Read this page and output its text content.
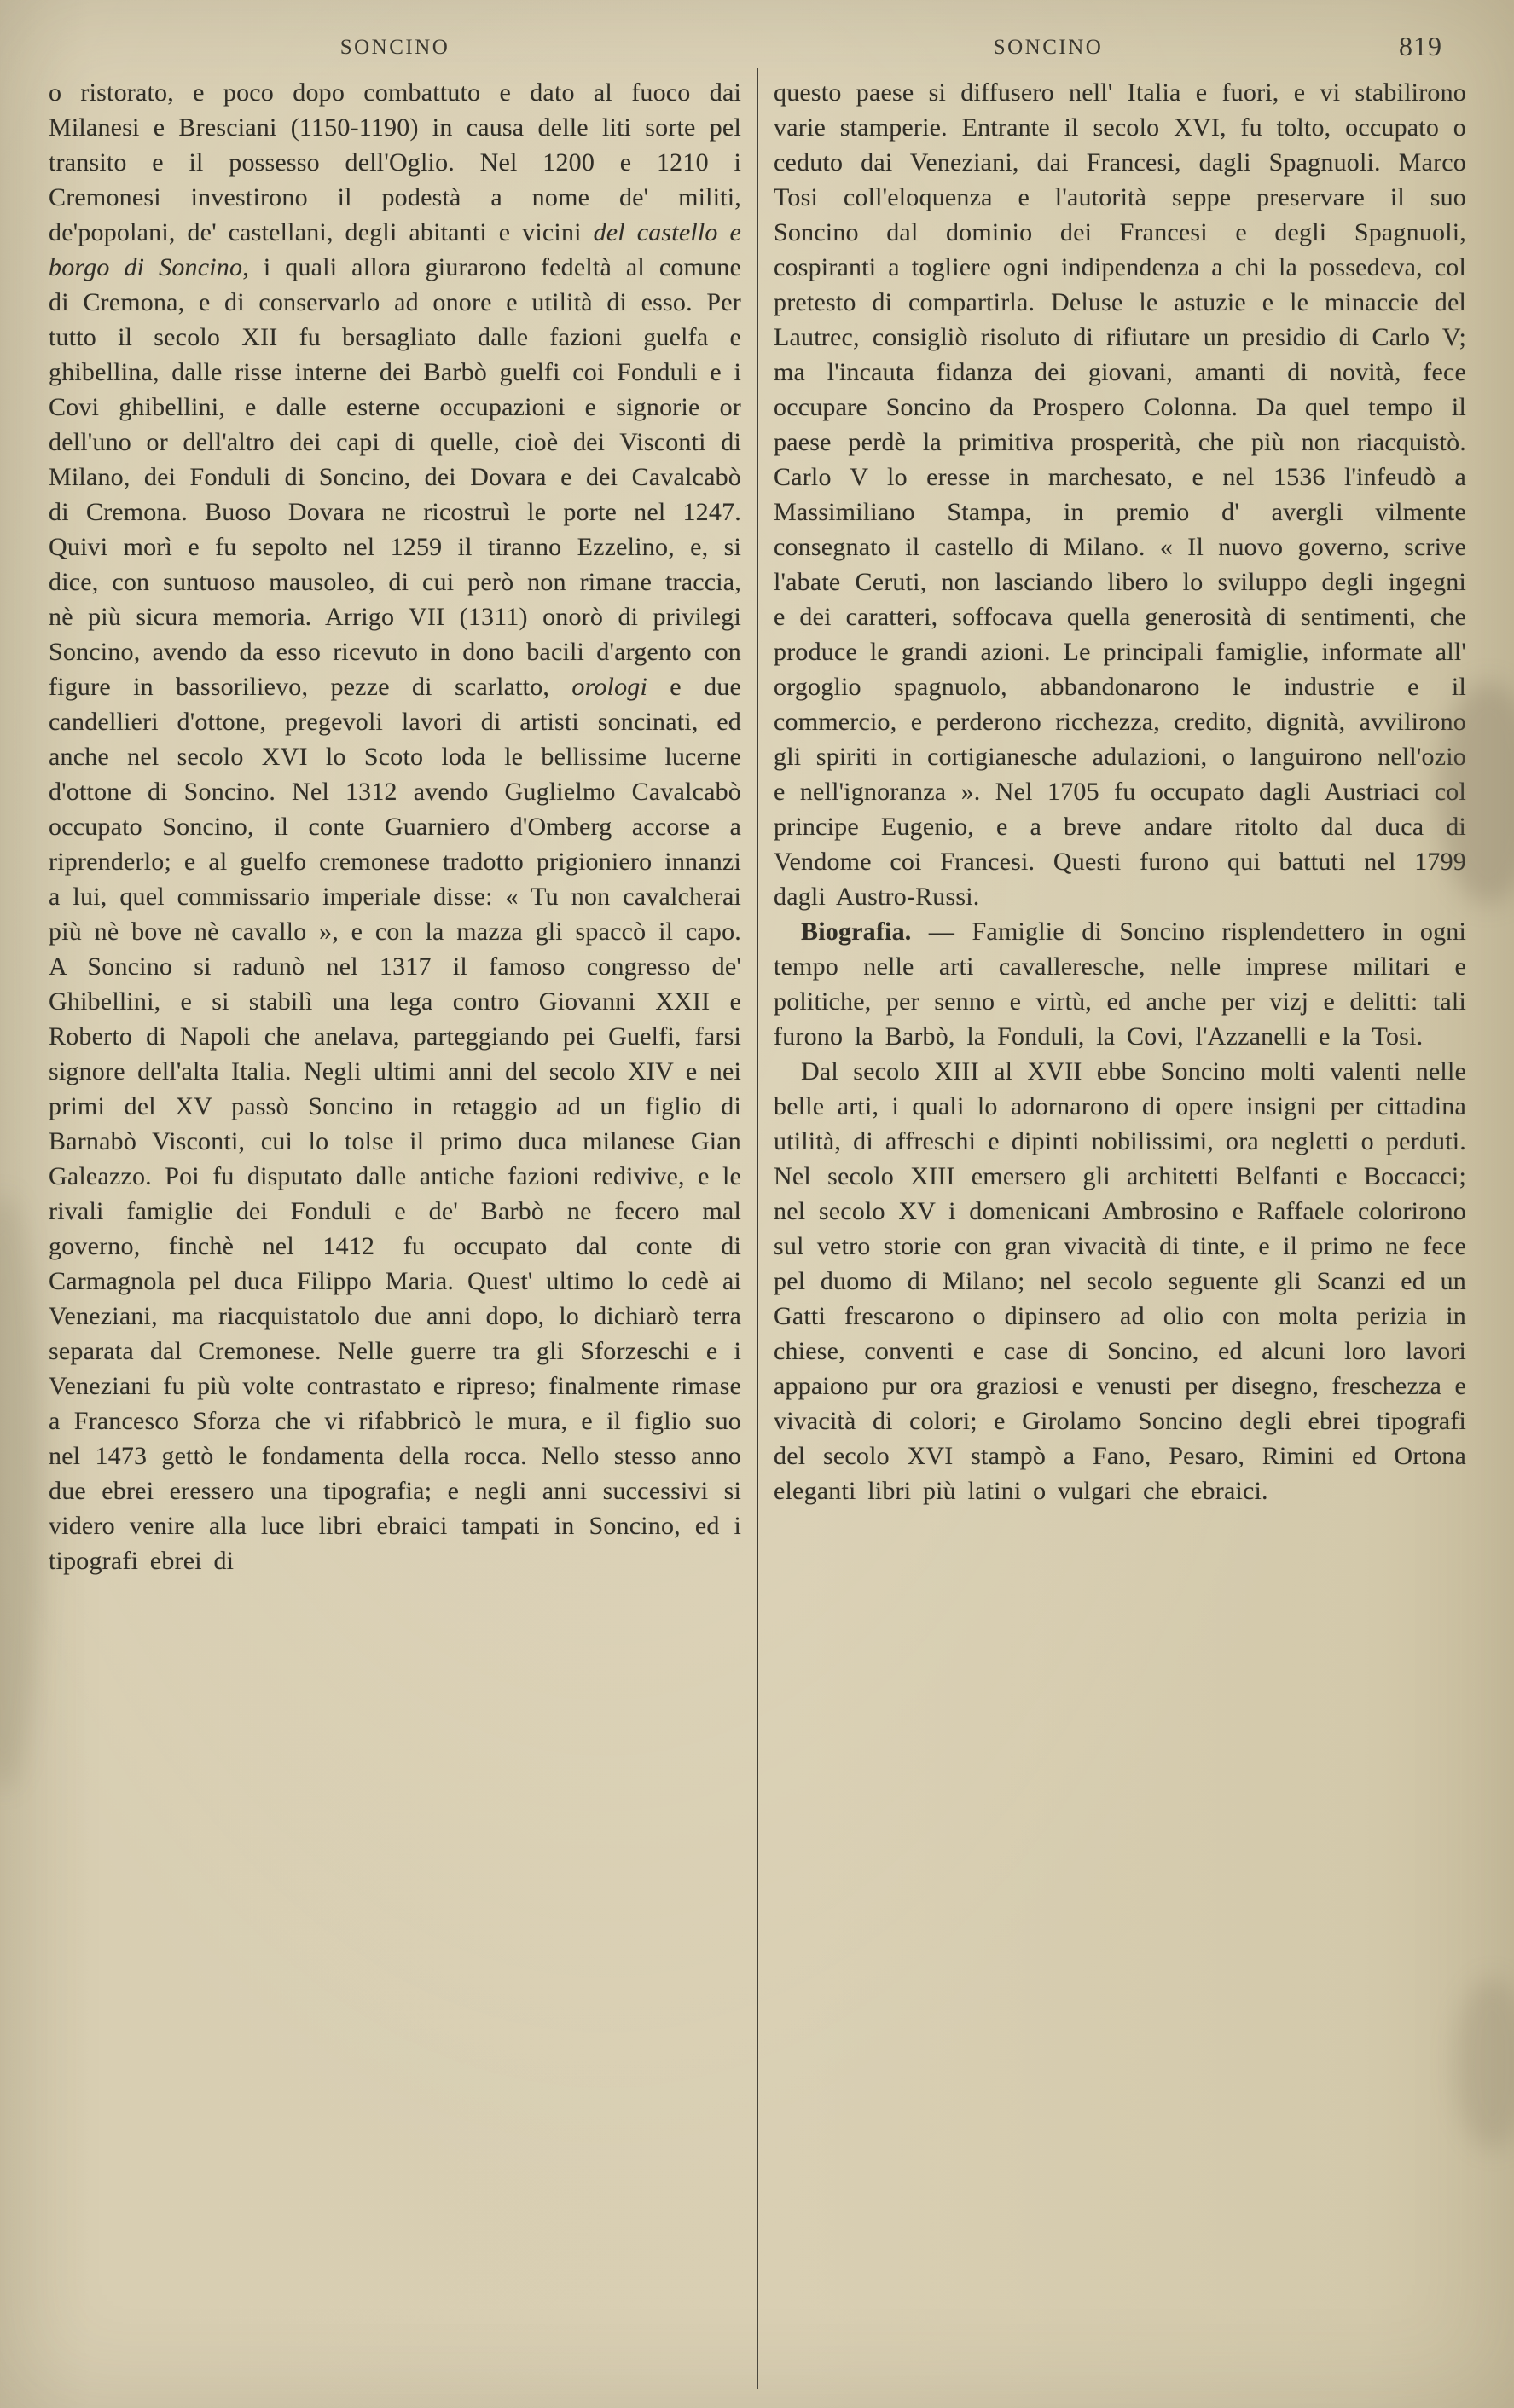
SONCINO	SONCINO	819

o ristorato, e poco dopo combattuto e dato al fuoco dai Milanesi e Bresciani (1150-1190) in causa delle liti sorte pel transito e il possesso dell'Oglio. Nel 1200 e 1210 i Cremonesi investirono il podestà a nome de' militi, de'popolani, de' castellani, degli abitanti e vicini del castello e borgo di Soncino, i quali allora giurarono fedeltà al comune di Cremona, e di conservarlo ad onore e utilità di esso. Per tutto il secolo XII fu bersagliato dalle fazioni guelfa e ghibellina, dalle risse interne dei Barbò guelfi coi Fonduli e i Covi ghibellini, e dalle esterne occupazioni e signorie or dell'uno or dell'altro dei capi di quelle, cioè dei Visconti di Milano, dei Fonduli di Soncino, dei Dovara e dei Cavalcabò di Cremona. Buoso Dovara ne ricostruì le porte nel 1247. Quivi morì e fu sepolto nel 1259 il tiranno Ezzelino, e, si dice, con suntuoso mausoleo, di cui però non rimane traccia, nè più sicura memoria. Arrigo VII (1311) onorò di privilegi Soncino, avendo da esso ricevuto in dono bacili d'argento con figure in bassorilievo, pezze di scarlatto, orologi e due candellieri d'ottone, pregevoli lavori di artisti soncinati, ed anche nel secolo XVI lo Scoto loda le bellissime lucerne d'ottone di Soncino. Nel 1312 avendo Guglielmo Cavalcabò occupato Soncino, il conte Guarniero d'Omberg accorse a riprenderlo; e al guelfo cremonese tradotto prigioniero innanzi a lui, quel commissario imperiale disse: « Tu non cavalcherai più nè bove nè cavallo », e con la mazza gli spaccò il capo. A Soncino si radunò nel 1317 il famoso congresso de' Ghibellini, e si stabilì una lega contro Giovanni XXII e Roberto di Napoli che anelava, parteggiando pei Guelfi, farsi signore dell'alta Italia. Negli ultimi anni del secolo XIV e nei primi del XV passò Soncino in retaggio ad un figlio di Barnabò Visconti, cui lo tolse il primo duca milanese Gian Galeazzo. Poi fu disputato dalle antiche fazioni redivive, e le rivali famiglie dei Fonduli e de' Barbò ne fecero mal governo, finchè nel 1412 fu occupato dal conte di Carmagnola pel duca Filippo Maria. Quest' ultimo lo cedè ai Veneziani, ma riacquistatolo due anni dopo, lo dichiarò terra separata dal Cremonese. Nelle guerre tra gli Sforzeschi e i Veneziani fu più volte contrastato e ripreso; finalmente rimase a Francesco Sforza che vi rifabbricò le mura, e il figlio suo nel 1473 gettò le fondamenta della rocca. Nello stesso anno due ebrei eressero una tipografia; e negli anni successivi si videro venire alla luce libri ebraici tampati in Soncino, ed i tipografi ebrei di

questo paese si diffusero nell' Italia e fuori, e vi stabilirono varie stamperie. Entrante il secolo XVI, fu tolto, occupato o ceduto dai Veneziani, dai Francesi, dagli Spagnuoli. Marco Tosi coll'eloquenza e l'autorità seppe preservare il suo Soncino dal dominio dei Francesi e degli Spagnuoli, cospiranti a togliere ogni indipendenza a chi la possedeva, col pretesto di compartirla. Deluse le astuzie e le minaccie del Lautrec, consigliò risoluto di rifiutare un presidio di Carlo V; ma l'incauta fidanza dei giovani, amanti di novità, fece occupare Soncino da Prospero Colonna. Da quel tempo il paese perdè la primitiva prosperità, che più non riacquistò. Carlo V lo eresse in marchesato, e nel 1536 l'infeudò a Massimiliano Stampa, in premio d' avergli vilmente consegnato il castello di Milano. « Il nuovo governo, scrive l'abate Ceruti, non lasciando libero lo sviluppo degli ingegni e dei caratteri, soffocava quella generosità di sentimenti, che produce le grandi azioni. Le principali famiglie, informate all' orgoglio spagnuolo, abbandonarono le industrie e il commercio, e perderono ricchezza, credito, dignità, avvilirono gli spiriti in cortigianesche adulazioni, o languirono nell'ozio e nell'ignoranza ». Nel 1705 fu occupato dagli Austriaci col principe Eugenio, e a breve andare ritolto dal duca di Vendome coi Francesi. Questi furono qui battuti nel 1799 dagli Austro-Russi.

Biografia. — Famiglie di Soncino risplendettero in ogni tempo nelle arti cavalleresche, nelle imprese militari e politiche, per senno e virtù, ed anche per vizj e delitti: tali furono la Barbò, la Fonduli, la Covi, l'Azzanelli e la Tosi.

Dal secolo XIII al XVII ebbe Soncino molti valenti nelle belle arti, i quali lo adornarono di opere insigni per cittadina utilità, di affreschi e dipinti nobilissimi, ora negletti o perduti. Nel secolo XIII emersero gli architetti Belfanti e Boccacci; nel secolo XV i domenicani Ambrosino e Raffaele colorirono sul vetro storie con gran vivacità di tinte, e il primo ne fece pel duomo di Milano; nel secolo seguente gli Scanzi ed un Gatti frescarono o dipinsero ad olio con molta perizia in chiese, conventi e case di Soncino, ed alcuni loro lavori appaiono pur ora graziosi e venusti per disegno, freschezza e vivacità di colori; e Girolamo Soncino degli ebrei tipografi del secolo XVI stampò a Fano, Pesaro, Rimini ed Ortona eleganti libri più latini o vulgari che ebraici.
